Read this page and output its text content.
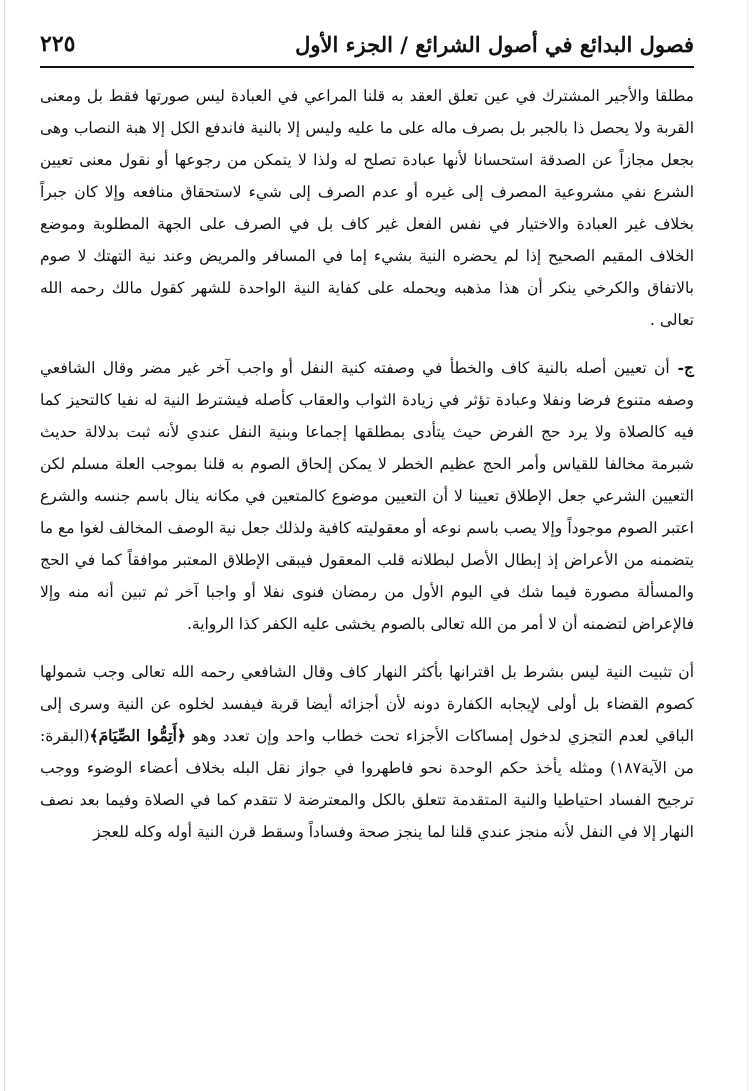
فصول البدائع في أصول الشرائع / الجزء الأول
٢٢٥

مطلقا والأجير المشترك في عين تعلق العقد به قلنا المراعي في العبادة ليس صورتها فقط بل ومعنى القربة ولا يحصل ذا بالجبر بل بصرف ماله على ما عليه وليس إلا بالنية فاندفع الكل إلا هبة النصاب وهى بجعل مجازاً عن الصدقة استحسانا لأنها عبادة تصلح له ولذا لا يتمكن من رجوعها أو نقول معنى تعيين الشرع نفي مشروعية المصرف إلى غيره أو عدم الصرف إلى شيء لاستحقاق منافعه وإلا كان جبراً بخلاف غير العبادة والاختيار في نفس الفعل غير كاف بل في الصرف على الجهة المطلوبة وموضع الخلاف المقيم الصحيح إذا لم يحضره النية بشيء إما في المسافر والمريض وعند نية التهتك لا صوم بالاتفاق والكرخي ينكر أن هذا مذهبه ويحمله على كفاية النية الواحدة للشهر كقول مالك رحمه الله تعالى .

ج- أن تعيين أصله بالنية كاف والخطأ في وصفته كنية النفل أو واجب آخر غير مضر وقال الشافعي وصفه متنوع فرضا ونفلا وعبادة تؤثر في زيادة الثواب والعقاب كأصله فيشترط النية له نفيا كالتحيز كما فيه كالصلاة ولا يرد حج الفرض حيث يتأدى بمطلقها إجماعا وبنية النفل عندي لأنه ثبت بدلالة حديث شبرمة مخالفا للقياس وأمر الحج عظيم الخطر لا يمكن إلحاق الصوم به قلنا بموجب العلة مسلم لكن التعيين الشرعي جعل الإطلاق تعيينا لا أن التعيين موضوع كالمتعين في مكانه ينال باسم جنسه والشرع اعتبر الصوم موجوداً وإلا يصب باسم نوعه أو معقوليته كافية ولذلك جعل نية الوصف المخالف لغوا مع ما يتضمنه من الأعراض إذ إبطال الأصل لبطلانه قلب المعقول فيبقى الإطلاق المعتبر موافقاً كما في الحج والمسألة مصورة فيما شك في اليوم الأول من رمضان فنوى نفلا أو واجبا آخر ثم تبين أنه منه وإلا فالإعراض لتضمنه أن لا أمر من الله تعالى بالصوم يخشى عليه الكفر كذا الرواية.

أن تثبيت النية ليس بشرط بل اقترانها بأكثر النهار كاف وقال الشافعي رحمه الله تعالى وجب شمولها كصوم القضاء بل أولى لإيجابه الكفارة دونه لأن أجزائه أيضا قربة فيفسد لخلوه عن النية وسرى إلى الباقي لعدم التجزي لدخول إمساكات الأجزاء تحت خطاب واحد وإن تعدد وهو ﴿أَتِمُّوا الصِّيَامَ﴾(البقرة: من الآية١٨٧) ومثله يأخذ حكم الوحدة نحو فاطهروا في جواز نقل البله بخلاف أعضاء الوضوء ووجب ترجيح الفساد احتياطيا والنية المتقدمة تتعلق بالكل والمعترضة لا تتقدم كما في الصلاة وفيما بعد نصف النهار إلا في النفل لأنه منجز عندي قلنا لما ينجز صحة وفساداً وسقط قرن النية أوله وكله للعجز
